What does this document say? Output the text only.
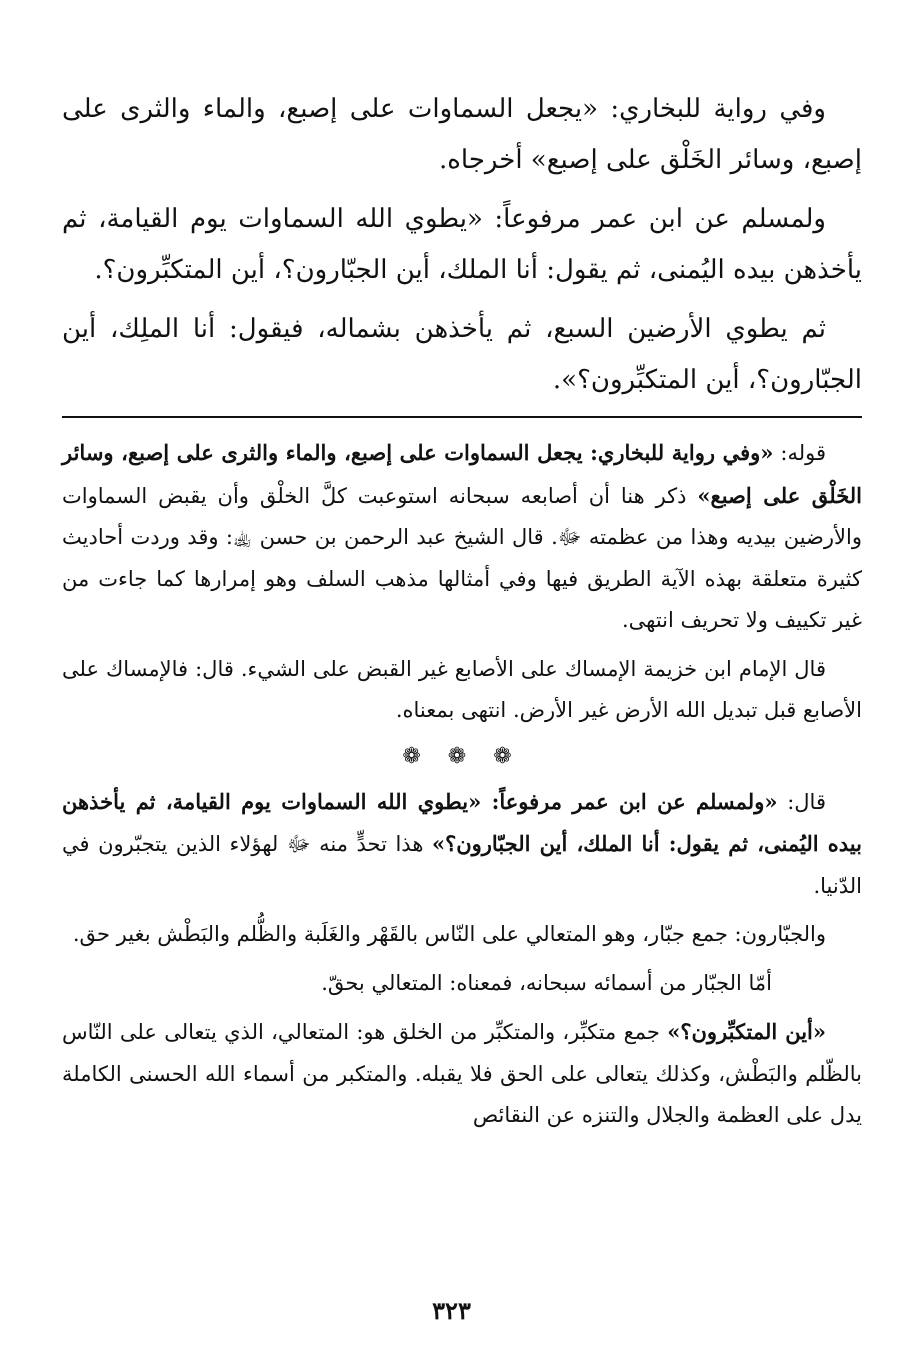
وفي رواية للبخاري: «يجعل السماوات على إصبع، والماء والثرى على إصبع، وسائر الخَلْق على إصبع» أخرجاه.

ولمسلم عن ابن عمر مرفوعاً: «يطوي الله السماوات يوم القيامة، ثم يأخذهن بيده اليُمنى، ثم يقول: أنا الملك، أين الجبّارون؟، أين المتكبِّرون؟.

ثم يطوي الأرضين السبع، ثم يأخذهن بشماله، فيقول: أنا الملِك، أين الجبّارون؟، أين المتكبِّرون؟».

قوله: «وفي رواية للبخاري: يجعل السماوات على إصبع، والماء والثرى على إصبع، وسائر الخَلْق على إصبع» ذكر هنا أن أصابعه سبحانه استوعبت كلَّ الخلْق وأن يقبض السماوات والأرضين بيديه وهذا من عظمته ﷻ. قال الشيخ عبد الرحمن بن حسن ﵀: وقد وردت أحاديث كثيرة متعلقة بهذه الآية الطريق فيها وفي أمثالها مذهب السلف وهو إمرارها كما جاءت من غير تكييف ولا تحريف انتهى.

قال الإمام ابن خزيمة الإمساك على الأصابع غير القبض على الشيء. قال: فالإمساك على الأصابع قبل تبديل الله الأرض غير الأرض. انتهى بمعناه.

❁ ❁ ❁

قال: «ولمسلم عن ابن عمر مرفوعاً: «يطوي الله السماوات يوم القيامة، ثم يأخذهن بيده اليُمنى، ثم يقول: أنا الملك، أين الجبّارون؟» هذا تحدٍّ منه ﷻ لهؤلاء الذين يتجبّرون في الدّنيا.

والجبّارون: جمع جبّار، وهو المتعالي على النّاس بالقَهْر والغَلَبة والظُّلم والبَطْش بغير حق.

أمّا الجبّار من أسمائه سبحانه، فمعناه: المتعالي بحقّ.

«أين المتكبِّرون؟» جمع متكبِّر، والمتكبِّر من الخلق هو: المتعالي، الذي يتعالى على النّاس بالظّلم والبَطْش، وكذلك يتعالى على الحق فلا يقبله. والمتكبر من أسماء الله الحسنى الكاملة يدل على العظمة والجلال والتنزه عن النقائص

٣٢٣
